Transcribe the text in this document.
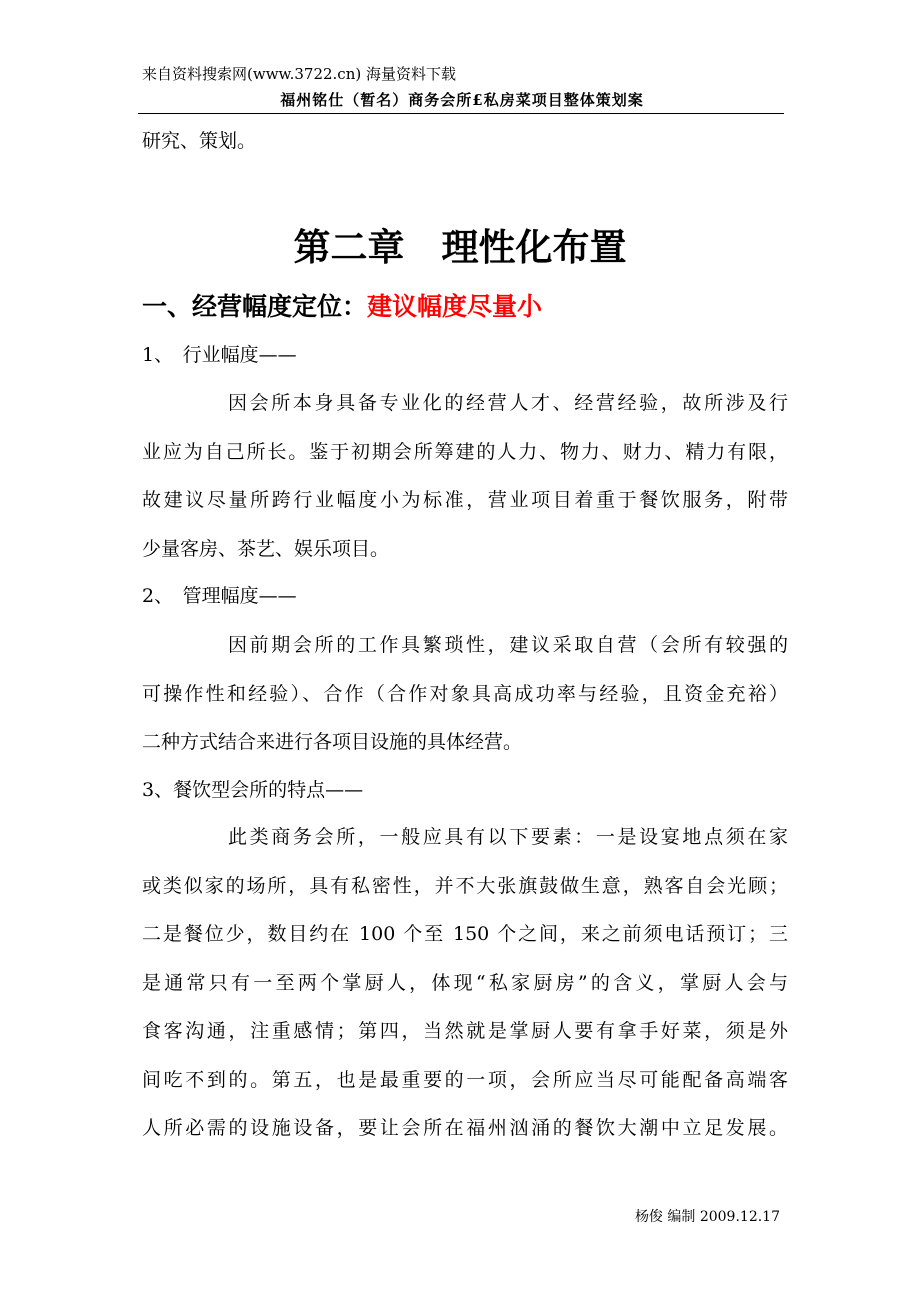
来自资料搜索网(www.3722.cn) 海量资料下载
福州铭仕（暂名）商务会所£私房菜项目整体策划案
研究、策划。
第二章　理性化布置
一、经营幅度定位：建议幅度尽量小
1、　行业幅度——
因会所本身具备专业化的经营人才、经营经验，故所涉及行
业应为自己所长。鉴于初期会所筹建的人力、物力、财力、精力有限，
故建议尽量所跨行业幅度小为标准，营业项目着重于餐饮服务，附带
少量客房、茶艺、娱乐项目。
2、　管理幅度——
因前期会所的工作具繁琐性，建议采取自营（会所有较强的
可操作性和经验）、合作（合作对象具高成功率与经验，且资金充裕）
二种方式结合来进行各项目设施的具体经营。
3、餐饮型会所的特点——
此类商务会所，一般应具有以下要素：一是设宴地点须在家
或类似家的场所，具有私密性，并不大张旗鼓做生意，熟客自会光顾；
二是餐位少，数目约在 100 个至 150 个之间，来之前须电话预订；三
是通常只有一至两个掌厨人，体现“私家厨房”的含义，掌厨人会与
食客沟通，注重感情；第四，当然就是掌厨人要有拿手好菜，须是外
间吃不到的。第五，也是最重要的一项，会所应当尽可能配备高端客
人所必需的设施设备，要让会所在福州汹涌的餐饮大潮中立足发展。
杨俊 编制 2009.12.17
